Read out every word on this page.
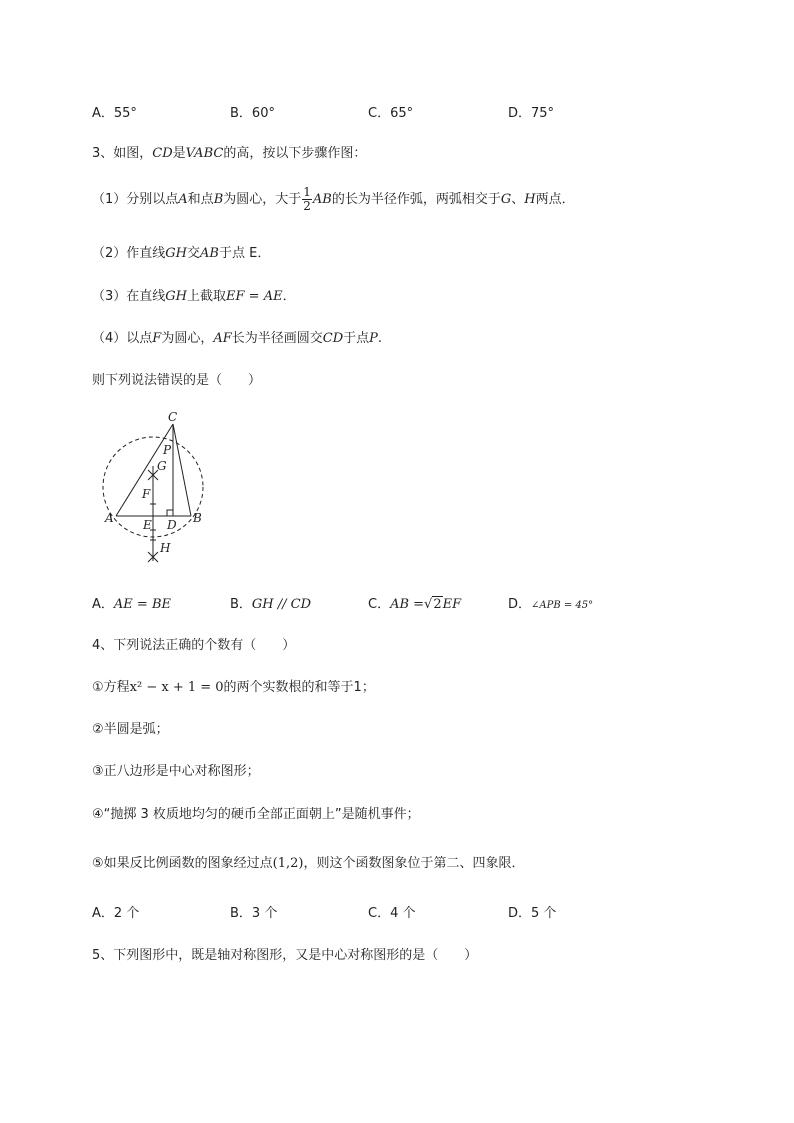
A．55°	B．60°	C．65°	D．75°
3、如图，CD是VABC的高，按以下步骤作图：
（1）分别以点A和点B为圆心，大于 $\frac{1}{2}$ AB的长为半径作弧，两弧相交于G、H两点．
（2）作直线GH交AB于点 E．
（3）在直线GH上截取EF = AE．
（4）以点F为圆心，AF长为半径画圆交CD于点P.
则下列说法错误的是（　　）
C
P
G
F
A E D B
H
A．AE = BE	B．GH // CD	C．AB =√2EF	D．∠APB = 45°
4、下列说法正确的个数有（　　）
①方程x² − x + 1 = 0的两个实数根的和等于1；
②半圆是弧；
③正八边形是中心对称图形；
④“抛掷 3 枚质地均匀的硬币全部正面朝上”是随机事件；
⑤如果反比例函数的图象经过点(1,2)，则这个函数图象位于第二、四象限．
A．2 个	B．3 个	C．4 个	D．5 个
5、下列图形中，既是轴对称图形，又是中心对称图形的是（　　）
